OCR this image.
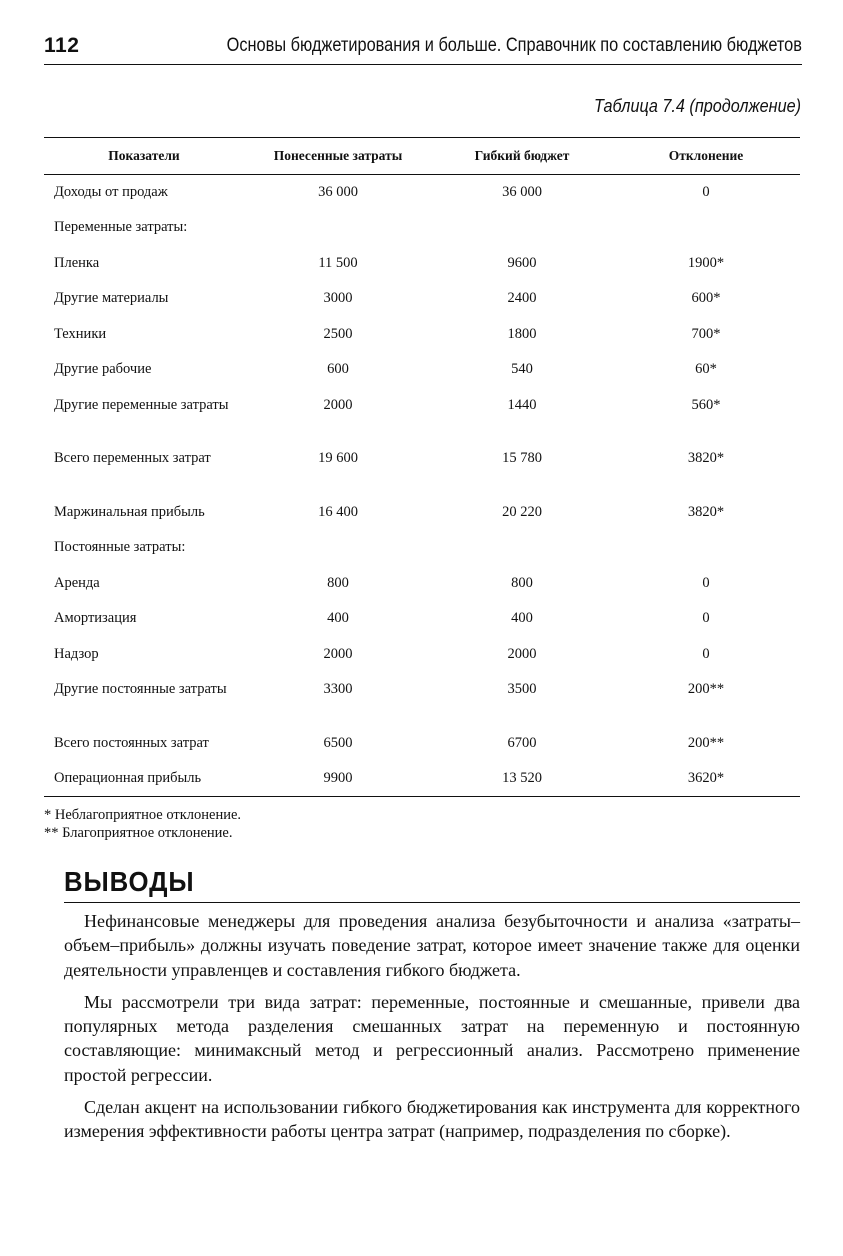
112	Основы бюджетирования и больше. Справочник по составлению бюджетов
Таблица 7.4 (продолжение)
Показатели	Понесенные затраты	Гибкий бюджет	Отклонение
Доходы от продаж	36 000	36 000	0
Переменные затраты:			
Пленка	11 500	9600	1900*
Другие материалы	3000	2400	600*
Техники	2500	1800	700*
Другие рабочие	600	540	60*
Другие переменные затраты	2000	1440	560*
Всего переменных затрат	19 600	15 780	3820*
Маржинальная прибыль	16 400	20 220	3820*
Постоянные затраты:			
Аренда	800	800	0
Амортизация	400	400	0
Надзор	2000	2000	0
Другие постоянные затраты	3300	3500	200**
Всего постоянных затрат	6500	6700	200**
Операционная прибыль	9900	13 520	3620*
* Неблагоприятное отклонение.
** Благоприятное отклонение.
ВЫВОДЫ

Нефинансовые менеджеры для проведения анализа безубыточности и анализа «затраты–объем–прибыль» должны изучать поведение затрат, которое имеет значение также для оценки деятельности управленцев и составления гибкого бюджета.

Мы рассмотрели три вида затрат: переменные, постоянные и смешанные, привели два популярных метода разделения смешанных затрат на переменную и постоянную составляющие: минимаксный метод и регрессионный анализ. Рассмотрено применение простой регрессии.

Сделан акцент на использовании гибкого бюджетирования как инструмента для корректного измерения эффективности работы центра затрат (например, подразделения по сборке).
